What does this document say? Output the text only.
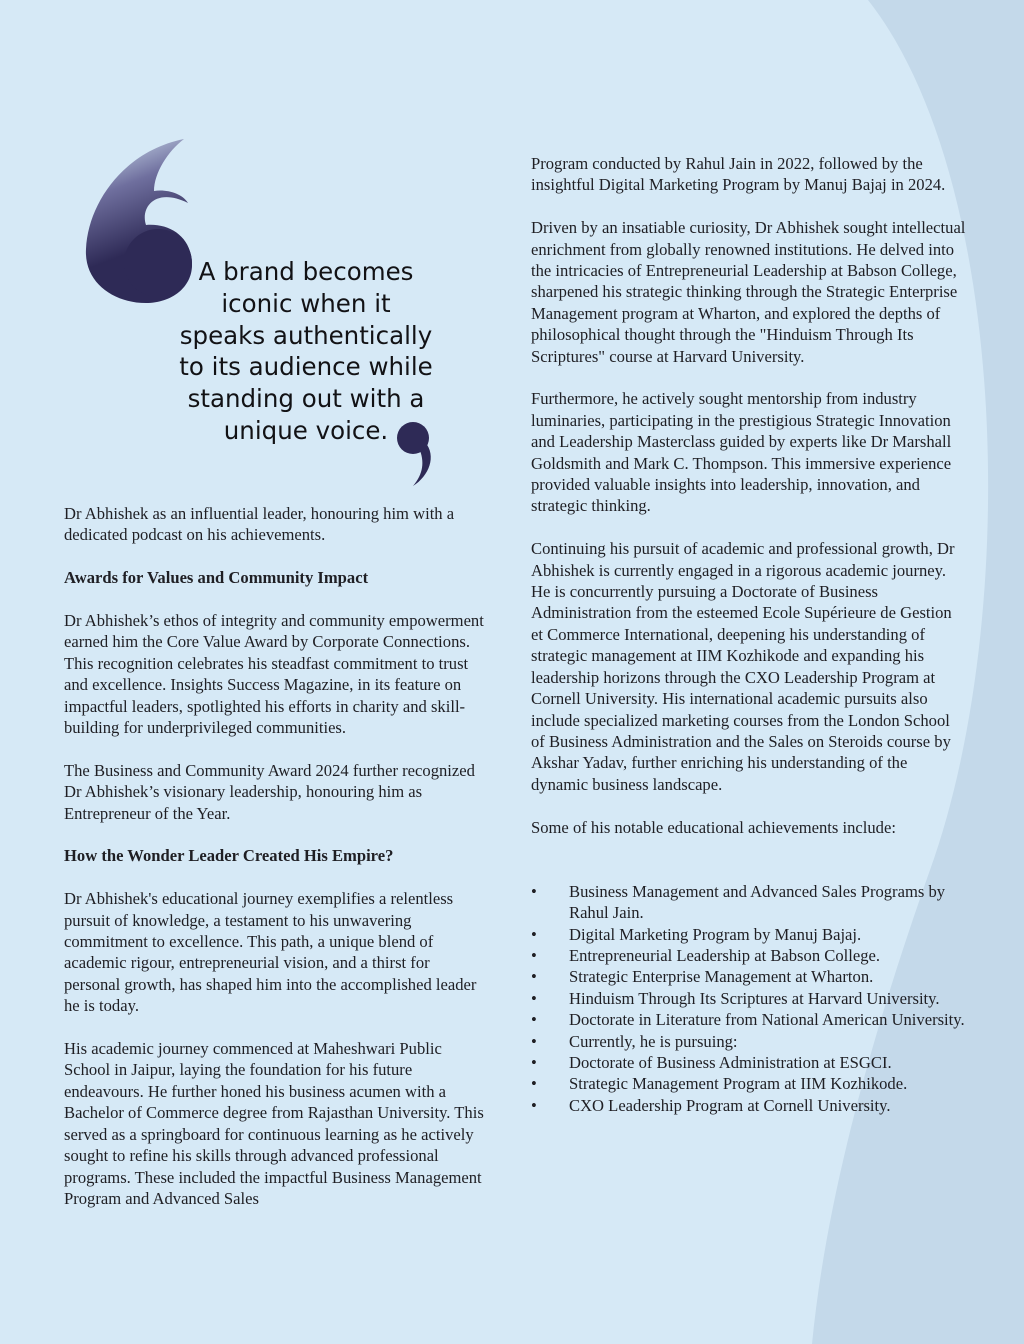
A brand becomes iconic when it speaks authentically to its audience while standing out with a unique voice.

Dr Abhishek as an influential leader, honouring him with a dedicated podcast on his achievements.

Awards for Values and Community Impact

Dr Abhishek’s ethos of integrity and community empowerment earned him the Core Value Award by Corporate Connections. This recognition celebrates his steadfast commitment to trust and excellence. Insights Success Magazine, in its feature on impactful leaders, spotlighted his efforts in charity and skill-building for underprivileged communities.

The Business and Community Award 2024 further recognized Dr Abhishek’s visionary leadership, honouring him as Entrepreneur of the Year.

How the Wonder Leader Created His Empire?

Dr Abhishek's educational journey exemplifies a relentless pursuit of knowledge, a testament to his unwavering commitment to excellence. This path, a unique blend of academic rigour, entrepreneurial vision, and a thirst for personal growth, has shaped him into the accomplished leader he is today.

His academic journey commenced at Maheshwari Public School in Jaipur, laying the foundation for his future endeavours. He further honed his business acumen with a Bachelor of Commerce degree from Rajasthan University. This served as a springboard for continuous learning as he actively sought to refine his skills through advanced professional programs. These included the impactful Business Management Program and Advanced Sales

Program conducted by Rahul Jain in 2022, followed by the insightful Digital Marketing Program by Manuj Bajaj in 2024.

Driven by an insatiable curiosity, Dr Abhishek sought intellectual enrichment from globally renowned institutions. He delved into the intricacies of Entrepreneurial Leadership at Babson College, sharpened his strategic thinking through the Strategic Enterprise Management program at Wharton, and explored the depths of philosophical thought through the "Hinduism Through Its Scriptures" course at Harvard University.

Furthermore, he actively sought mentorship from industry luminaries, participating in the prestigious Strategic Innovation and Leadership Masterclass guided by experts like Dr Marshall Goldsmith and Mark C. Thompson. This immersive experience provided valuable insights into leadership, innovation, and strategic thinking.

Continuing his pursuit of academic and professional growth, Dr Abhishek is currently engaged in a rigorous academic journey. He is concurrently pursuing a Doctorate of Business Administration from the esteemed Ecole Supérieure de Gestion et Commerce International, deepening his understanding of strategic management at IIM Kozhikode and expanding his leadership horizons through the CXO Leadership Program at Cornell University. His international academic pursuits also include specialized marketing courses from the London School of Business Administration and the Sales on Steroids course by Akshar Yadav, further enriching his understanding of the dynamic business landscape.

Some of his notable educational achievements include:

• Business Management and Advanced Sales Programs by Rahul Jain.
• Digital Marketing Program by Manuj Bajaj.
• Entrepreneurial Leadership at Babson College.
• Strategic Enterprise Management at Wharton.
• Hinduism Through Its Scriptures at Harvard University.
• Doctorate in Literature from National American University.
• Currently, he is pursuing:
• Doctorate of Business Administration at ESGCI.
• Strategic Management Program at IIM Kozhikode.
• CXO Leadership Program at Cornell University.
